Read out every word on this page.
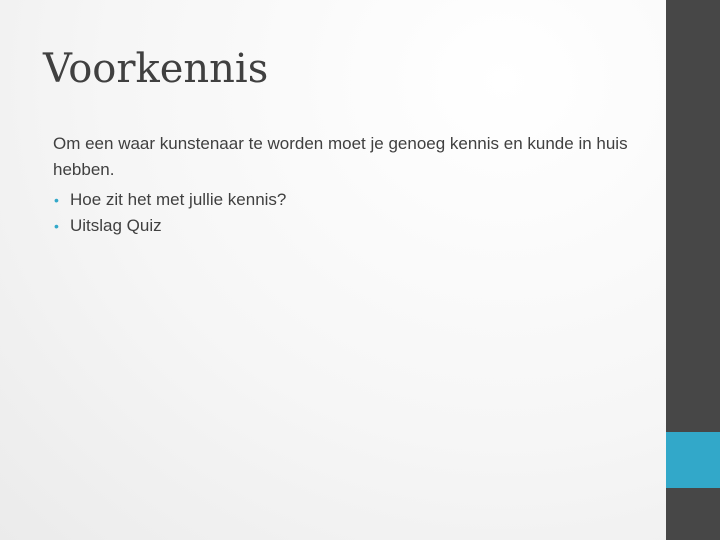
Voorkennis

Om een waar kunstenaar te worden moet je genoeg kennis en kunde in huis hebben.

• Hoe zit het met jullie kennis?
• Uitslag Quiz
